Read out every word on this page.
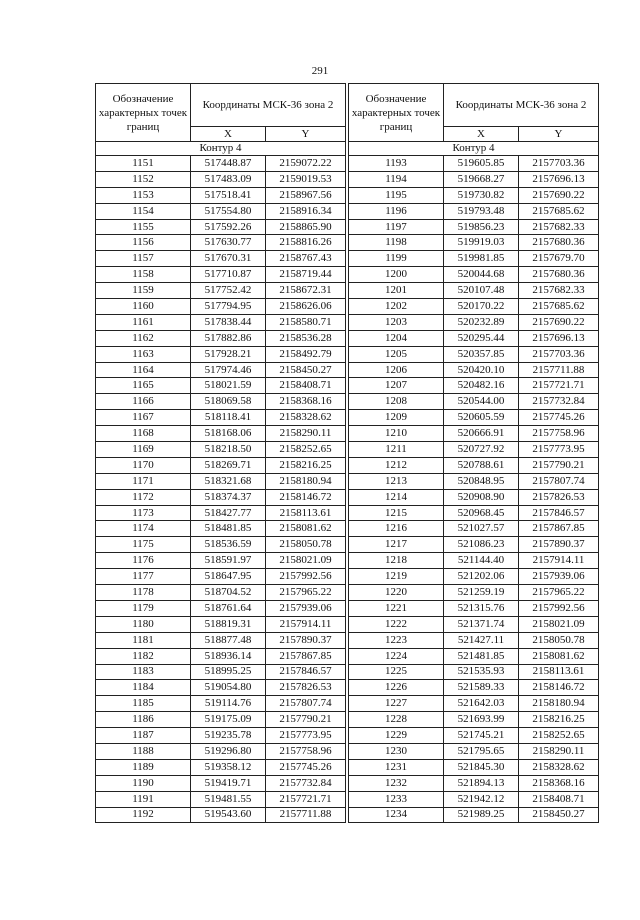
291
Обозначение характерных точек границ	Координаты МСК-36 зона 2	
	X	Y
Контур 4		
1151	517448.87	2159072.22
1152	517483.09	2159019.53
1153	517518.41	2158967.56
1154	517554.80	2158916.34
1155	517592.26	2158865.90
1156	517630.77	2158816.26
1157	517670.31	2158767.43
1158	517710.87	2158719.44
1159	517752.42	2158672.31
1160	517794.95	2158626.06
1161	517838.44	2158580.71
1162	517882.86	2158536.28
1163	517928.21	2158492.79
1164	517974.46	2158450.27
1165	518021.59	2158408.71
1166	518069.58	2158368.16
1167	518118.41	2158328.62
1168	518168.06	2158290.11
1169	518218.50	2158252.65
1170	518269.71	2158216.25
1171	518321.68	2158180.94
1172	518374.37	2158146.72
1173	518427.77	2158113.61
1174	518481.85	2158081.62
1175	518536.59	2158050.78
1176	518591.97	2158021.09
1177	518647.95	2157992.56
1178	518704.52	2157965.22
1179	518761.64	2157939.06
1180	518819.31	2157914.11
1181	518877.48	2157890.37
1182	518936.14	2157867.85
1183	518995.25	2157846.57
1184	519054.80	2157826.53
1185	519114.76	2157807.74
1186	519175.09	2157790.21
1187	519235.78	2157773.95
1188	519296.80	2157758.96
1189	519358.12	2157745.26
1190	519419.71	2157732.84
1191	519481.55	2157721.71
1192	519543.60	2157711.88
Обозначение характерных точек границ	Координаты МСК-36 зона 2	
	X	Y
Контур 4		
1193	519605.85	2157703.36
1194	519668.27	2157696.13
1195	519730.82	2157690.22
1196	519793.48	2157685.62
1197	519856.23	2157682.33
1198	519919.03	2157680.36
1199	519981.85	2157679.70
1200	520044.68	2157680.36
1201	520107.48	2157682.33
1202	520170.22	2157685.62
1203	520232.89	2157690.22
1204	520295.44	2157696.13
1205	520357.85	2157703.36
1206	520420.10	2157711.88
1207	520482.16	2157721.71
1208	520544.00	2157732.84
1209	520605.59	2157745.26
1210	520666.91	2157758.96
1211	520727.92	2157773.95
1212	520788.61	2157790.21
1213	520848.95	2157807.74
1214	520908.90	2157826.53
1215	520968.45	2157846.57
1216	521027.57	2157867.85
1217	521086.23	2157890.37
1218	521144.40	2157914.11
1219	521202.06	2157939.06
1220	521259.19	2157965.22
1221	521315.76	2157992.56
1222	521371.74	2158021.09
1223	521427.11	2158050.78
1224	521481.85	2158081.62
1225	521535.93	2158113.61
1226	521589.33	2158146.72
1227	521642.03	2158180.94
1228	521693.99	2158216.25
1229	521745.21	2158252.65
1230	521795.65	2158290.11
1231	521845.30	2158328.62
1232	521894.13	2158368.16
1233	521942.12	2158408.71
1234	521989.25	2158450.27
